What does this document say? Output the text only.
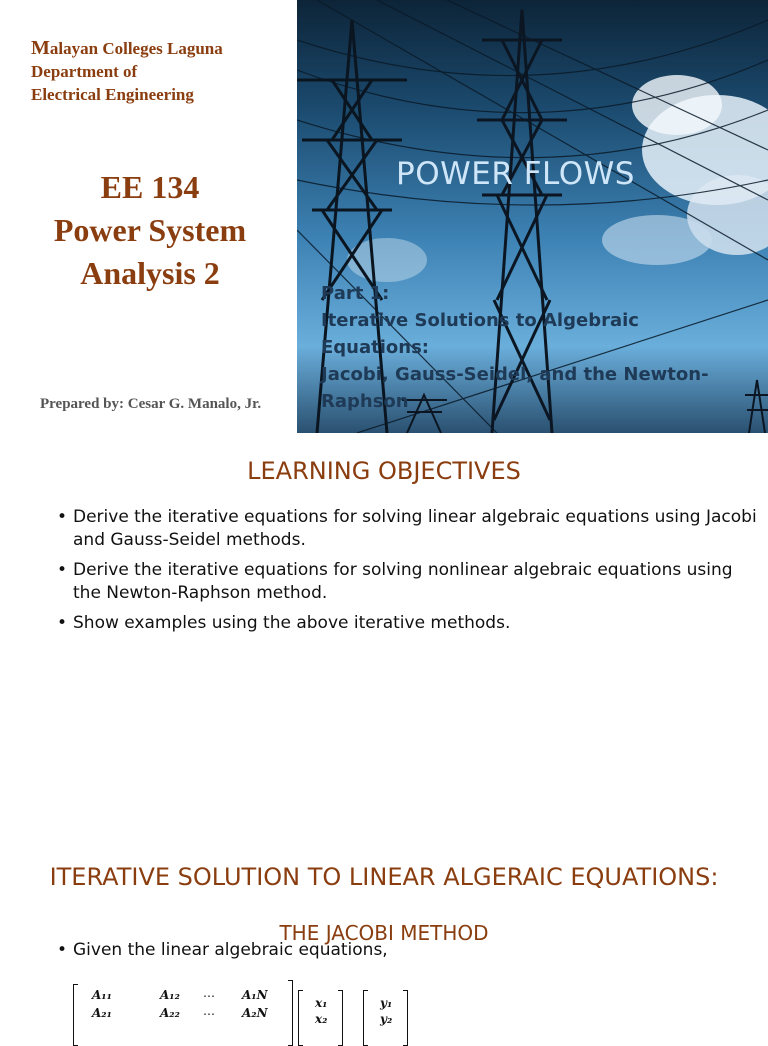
Malayan Colleges Laguna
Department of
Electrical Engineering
EE 134
Power System
Analysis 2
Prepared by: Cesar G. Manalo, Jr.
POWER FLOWS
Part 1:
Iterative Solutions to Algebraic Equations:
Jacobi, Gauss-Seidel, and the Newton-
Raphson
LEARNING OBJECTIVES
• Derive the iterative equations for solving linear algebraic equations using Jacobi and Gauss-Seidel methods.
• Derive the iterative equations for solving nonlinear algebraic equations using the Newton-Raphson method.
• Show examples using the above iterative methods.
ITERATIVE SOLUTION TO LINEAR ALGERAIC EQUATIONS:
THE JACOBI METHOD
• Given the linear algebraic equations,
A₁₁	A₁₂ … A₁N
A₂₁	A₂₂ … A₂N
x₁
x₂
y₁
y₂
